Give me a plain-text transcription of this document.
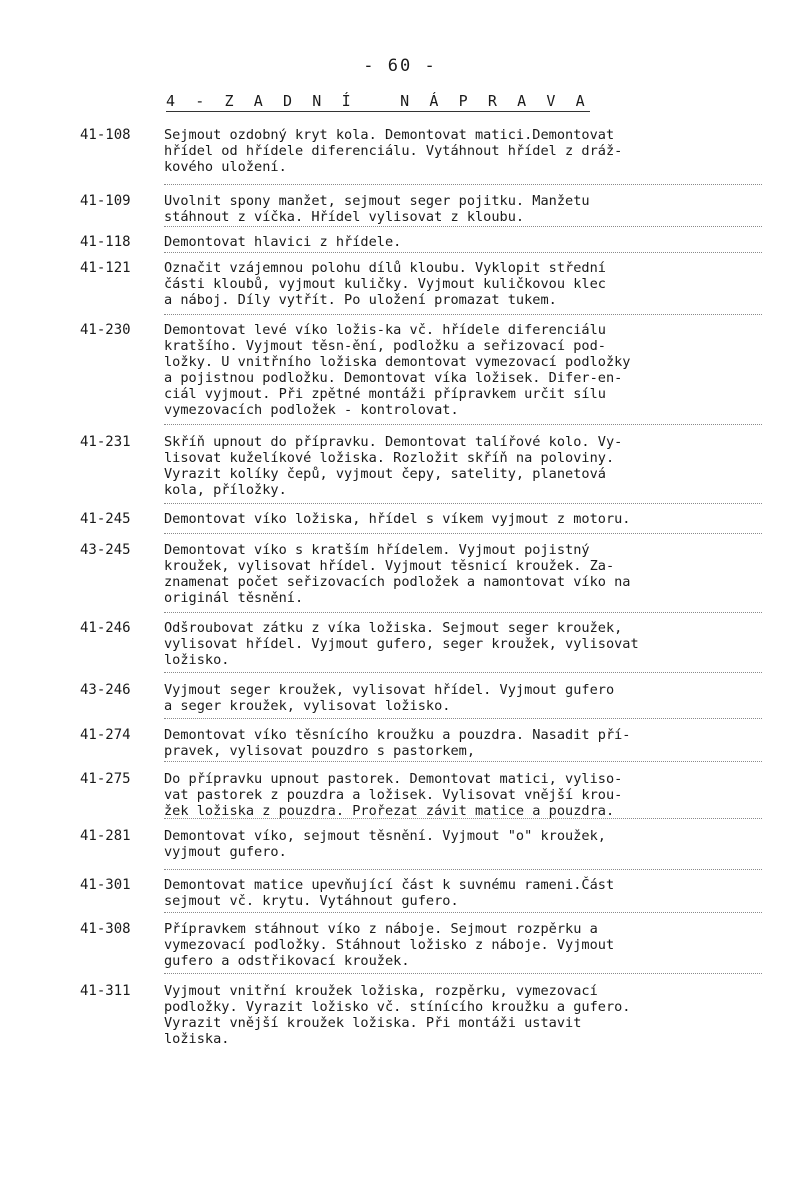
- 60 -
4 - Z A D N Í   N Á P R A V A
41-108 Sejmout ozdobný kryt kola. Demontovat matici.Demontovat
hřídel od hřídele diferenciálu. Vytáhnout hřídel z dráž-
kového uložení.
41-109 Uvolnit spony manžet, sejmout seger pojitku. Manžetu
stáhnout z víčka. Hřídel vylisovat z kloubu.
41-118 Demontovat hlavici z hřídele.
41-121 Označit vzájemnou polohu dílů kloubu. Vyklopit střední
části kloubů, vyjmout kuličky. Vyjmout kuličkovou klec
a náboj. Díly vytřít. Po uložení promazat tukem.
41-230 Demontovat levé víko ložis-ka vč. hřídele diferenciálu
kratšího. Vyjmout těsn-ění, podložku a seřizovací pod-
ložky. U vnitřního ložiska demontovat vymezovací podložky
a pojistnou podložku. Demontovat víka ložisek. Difer-en-
ciál vyjmout. Při zpětné montáži přípravkem určit sílu
vymezovacích podložek - kontrolovat.
41-231 Skříň upnout do přípravku. Demontovat talířové kolo. Vy-
lisovat kuželíkové ložiska. Rozložit skříň na poloviny.
Vyrazit kolíky čepů, vyjmout čepy, satelity, planetová
kola, příložky.
41-245 Demontovat víko ložiska, hřídel s víkem vyjmout z motoru.
43-245 Demontovat víko s kratším hřídelem. Vyjmout pojistný
kroužek, vylisovat hřídel. Vyjmout těsnicí kroužek. Za-
znamenat počet seřizovacích podložek a namontovat víko na
originál těsnění.
41-246 Odšroubovat zátku z víka ložiska. Sejmout seger kroužek,
vylisovat hřídel. Vyjmout gufero, seger kroužek, vylisovat
ložisko.
43-246 Vyjmout seger kroužek, vylisovat hřídel. Vyjmout gufero
a seger kroužek, vylisovat ložisko.
41-274 Demontovat víko těsnícího kroužku a pouzdra. Nasadit pří-
pravek, vylisovat pouzdro s pastorkem,
41-275 Do přípravku upnout pastorek. Demontovat matici, vyliso-
vat pastorek z pouzdra a ložisek. Vylisovat vnější krou-
žek ložiska z pouzdra. Prořezat závit matice a pouzdra.
41-281 Demontovat víko, sejmout těsnění. Vyjmout "o" kroužek,
vyjmout gufero.
41-301 Demontovat matice upevňující část k suvnému rameni.Část
sejmout vč. krytu. Vytáhnout gufero.
41-308 Přípravkem stáhnout víko z náboje. Sejmout rozpěrku a
vymezovací podložky. Stáhnout ložisko z náboje. Vyjmout
gufero a odstřikovací kroužek.
41-311 Vyjmout vnitřní kroužek ložiska, rozpěrku, vymezovací
podložky. Vyrazit ložisko vč. stínícího kroužku a gufero.
Vyrazit vnější kroužek ložiska. Při montáži ustavit
ložiska.
